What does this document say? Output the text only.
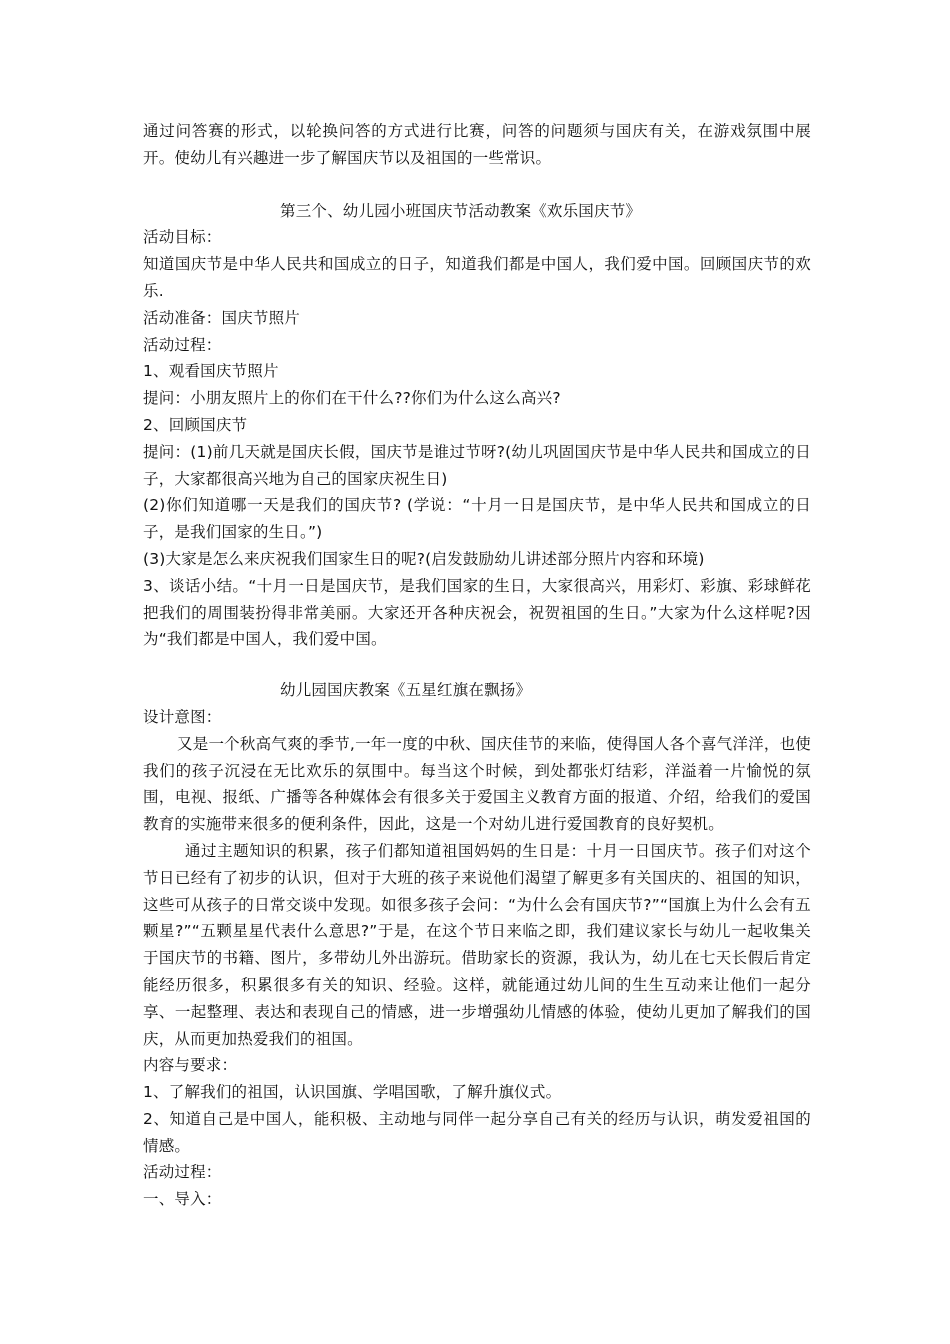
通过问答赛的形式，以轮换问答的方式进行比赛，问答的问题须与国庆有关，在游戏氛围中展开。使幼儿有兴趣进一步了解国庆节以及祖国的一些常识。

第三个、幼儿园小班国庆节活动教案《欢乐国庆节》

活动目标：

知道国庆节是中华人民共和国成立的日子，知道我们都是中国人，我们爱中国。回顾国庆节的欢乐.

活动准备：国庆节照片

活动过程：

1、观看国庆节照片

提问：小朋友照片上的你们在干什么??你们为什么这么高兴?

2、回顾国庆节

提问：(1)前几天就是国庆长假，国庆节是谁过节呀?(幼儿巩固国庆节是中华人民共和国成立的日子，大家都很高兴地为自己的国家庆祝生日)

(2)你们知道哪一天是我们的国庆节? (学说：“十月一日是国庆节，是中华人民共和国成立的日子，是我们国家的生日。”)

(3)大家是怎么来庆祝我们国家生日的呢?(启发鼓励幼儿讲述部分照片内容和环境)

3、谈话小结。“十月一日是国庆节，是我们国家的生日，大家很高兴，用彩灯、彩旗、彩球鲜花把我们的周围装扮得非常美丽。大家还开各种庆祝会，祝贺祖国的生日。”大家为什么这样呢?因为“我们都是中国人，我们爱中国。

幼儿园国庆教案《五星红旗在飘扬》

设计意图：

又是一个秋高气爽的季节,一年一度的中秋、国庆佳节的来临，使得国人各个喜气洋洋，也使我们的孩子沉浸在无比欢乐的氛围中。每当这个时候，到处都张灯结彩，洋溢着一片愉悦的氛围，电视、报纸、广播等各种媒体会有很多关于爱国主义教育方面的报道、介绍，给我们的爱国教育的实施带来很多的便利条件，因此，这是一个对幼儿进行爱国教育的良好契机。

通过主题知识的积累，孩子们都知道祖国妈妈的生日是：十月一日国庆节。孩子们对这个节日已经有了初步的认识，但对于大班的孩子来说他们渴望了解更多有关国庆的、祖国的知识，这些可从孩子的日常交谈中发现。如很多孩子会问：“为什么会有国庆节?”“国旗上为什么会有五颗星?”“五颗星星代表什么意思?”于是，在这个节日来临之即，我们建议家长与幼儿一起收集关于国庆节的书籍、图片，多带幼儿外出游玩。借助家长的资源，我认为，幼儿在七天长假后肯定能经历很多，积累很多有关的知识、经验。这样，就能通过幼儿间的生生互动来让他们一起分享、一起整理、表达和表现自己的情感，进一步增强幼儿情感的体验，使幼儿更加了解我们的国庆，从而更加热爱我们的祖国。

内容与要求：

1、了解我们的祖国，认识国旗、学唱国歌，了解升旗仪式。

2、知道自己是中国人，能积极、主动地与同伴一起分享自己有关的经历与认识，萌发爱祖国的情感。

活动过程：

一、导入：
